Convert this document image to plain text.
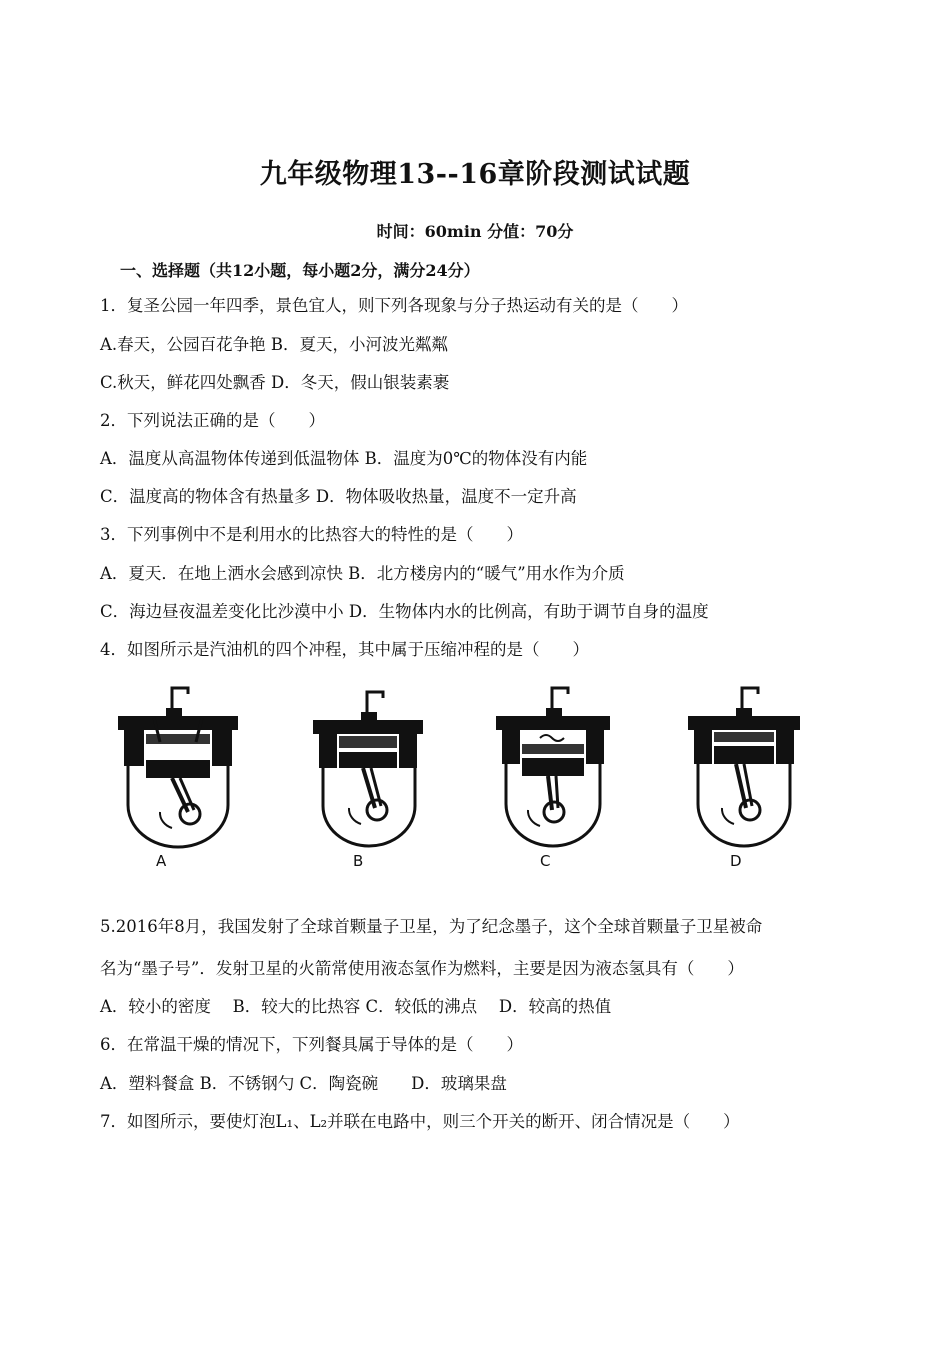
九年级物理13--16章阶段测试试题
时间：60min 分值：70分
一、选择题（共12小题，每小题2分，满分24分）
1．复圣公园一年四季，景色宜人，则下列各现象与分子热运动有关的是（　　）
A.春天，公园百花争艳 B．夏天，小河波光粼粼
C.秋天，鲜花四处飘香 D．冬天，假山银装素裹
2．下列说法正确的是（　　）
A．温度从高温物体传递到低温物体 B．温度为0℃的物体没有内能
C．温度高的物体含有热量多 D．物体吸收热量，温度不一定升高
3．下列事例中不是利用水的比热容大的特性的是（　　）
A．夏天．在地上洒水会感到凉快 B．北方楼房内的“暖气”用水作为介质
C．海边昼夜温差变化比沙漠中小 D．生物体内水的比例高，有助于调节自身的温度
4．如图所示是汽油机的四个冲程，其中属于压缩冲程的是（　　）
A	B	C	D
5.2016年8月，我国发射了全球首颗量子卫星，为了纪念墨子，这个全球首颗量子卫星被命
名为“墨子号”．发射卫星的火箭常使用液态氢作为燃料，主要是因为液态氢具有（　　）
A．较小的密度　 B．较大的比热容 C．较低的沸点　 D．较高的热值
6．在常温干燥的情况下，下列餐具属于导体的是（　　）
A．塑料餐盒 B．不锈钢勺 C．陶瓷碗　　D．玻璃果盘
7．如图所示，要使灯泡L₁、L₂并联在电路中，则三个开关的断开、闭合情况是（　　）
